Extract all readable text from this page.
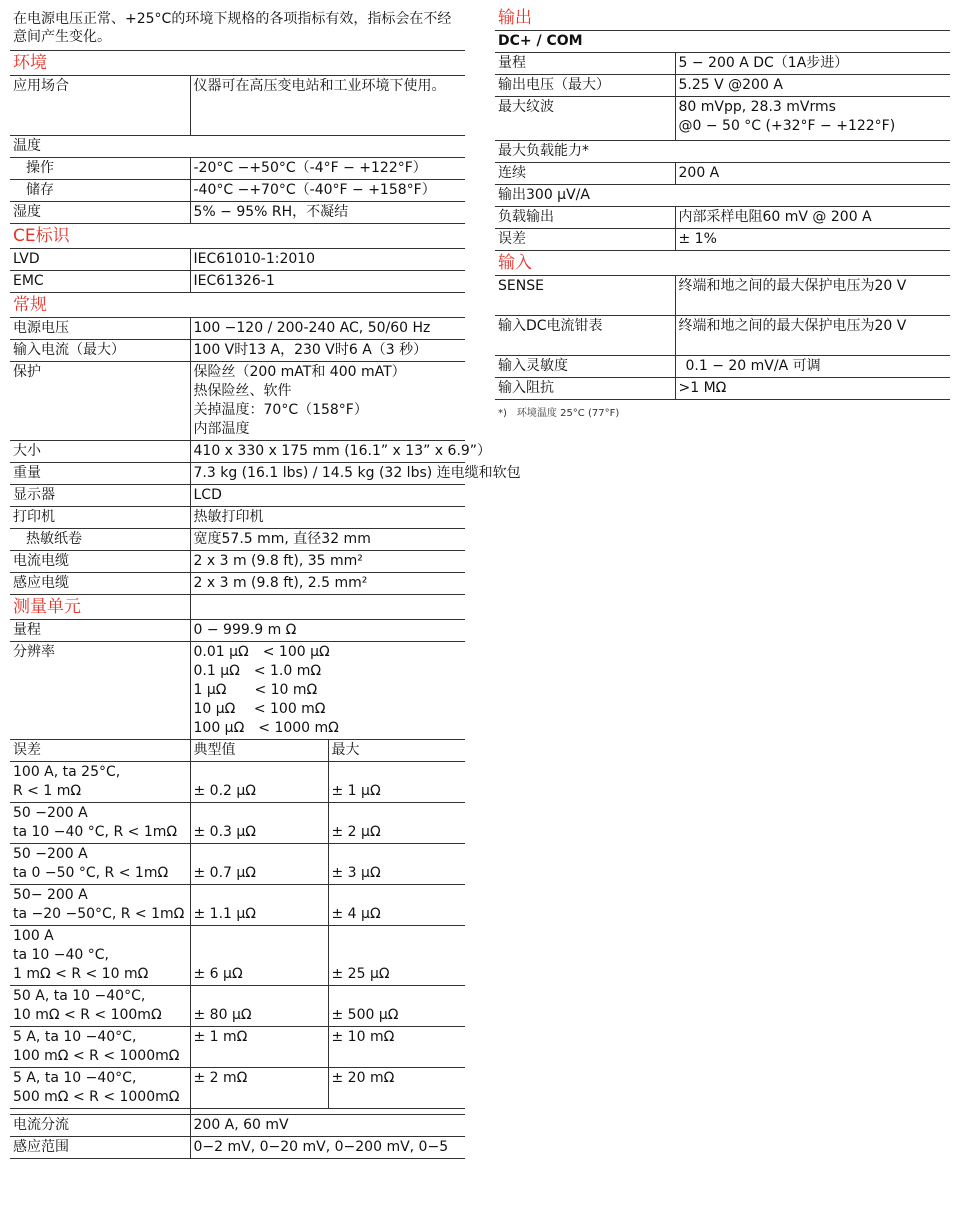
在电源电压正常、+25°C的环境下规格的各项指标有效，指标会在不经意间产生变化。		
环境		
应用场合	仪器可在高压变电站和工业环境下使用。	
温度		
操作	-20°C −+50°C（-4°F − +122°F）	
储存	-40°C −+70°C（-40°F − +158°F）	
湿度	5% − 95% RH，不凝结	
CE标识		
LVD	IEC61010-1:2010	
EMC	IEC61326-1	
常规		
电源电压	100 −120 / 200-240 AC, 50/60 Hz	
输入电流（最大）	100 V时13 A，230 V时6 A（3 秒）	
保护	保险丝（200 mAT和 400 mAT）
热保险丝、软件
关掉温度：70°C（158°F）
内部温度	

大小	410 x 330 x 175 mm (16.1” x 13” x 6.9”）	
重量	7.3 kg (16.1 lbs) / 14.5 kg (32 lbs) 连电缆和软包	
显示器	LCD	
打印机	热敏打印机	
热敏纸卷	宽度57.5 mm, 直径32 mm	
电流电缆	2 x 3 m (9.8 ft), 35 mm²	
感应电缆	2 x 3 m (9.8 ft), 2.5 mm²	
测量单元		
量程	0 − 999.9 m Ω	
分辨率	0.01 μΩ　< 100 μΩ
0.1 μΩ　< 1.0 mΩ
1 μΩ　　< 10 mΩ
10 μΩ　 < 100 mΩ
100 μΩ　< 1000 mΩ	

误差	典型值	最大

100 A, ta 25°C,
R < 1 mΩ	± 0.2 μΩ	± 1 μΩ

50 −200 A
ta 10 −40 °C, R < 1mΩ	± 0.3 μΩ	± 2 μΩ

50 −200 A
ta 0 −50 °C, R < 1mΩ	± 0.7 μΩ	± 3 μΩ

50− 200 A
ta −20 −50°C, R < 1mΩ	± 1.1 μΩ	± 4 μΩ

100 A
ta 10 −40 °C,
1 mΩ < R < 10 mΩ	± 6 μΩ	± 25 μΩ

50 A, ta 10 −40°C,
10 mΩ < R < 100mΩ	± 80 μΩ	± 500 μΩ

5 A, ta 10 −40°C,
100 mΩ < R < 1000mΩ	± 1 mΩ	± 10 mΩ

5 A, ta 10 −40°C,
500 mΩ < R < 1000mΩ	± 2 mΩ	± 20 mΩ

电流分流	200 A, 60 mV	
感应范围	0−2 mV, 0−20 mV, 0−200 mV, 0−5	
输出	
DC+ / COM	
量程	5 − 200 A DC（1A步进）
输出电压（最大）	5.25 V @200 A
最大纹波	80 mVpp, 28.3 mVrms
@0 − 50 °C (+32°F − +122°F)

最大负载能力*	
连续	200 A
输出300 μV/A	
负载输出	内部采样电阻60 mV @ 200 A
误差	± 1%
输入	
SENSE	终端和地之间的最大保护电压为20 V
输入DC电流钳表	终端和地之间的最大保护电压为20 V
输入灵敏度	0.1 − 20 mV/A 可调
输入阻抗	>1 MΩ
*)　环境温度 25°C (77°F)	
